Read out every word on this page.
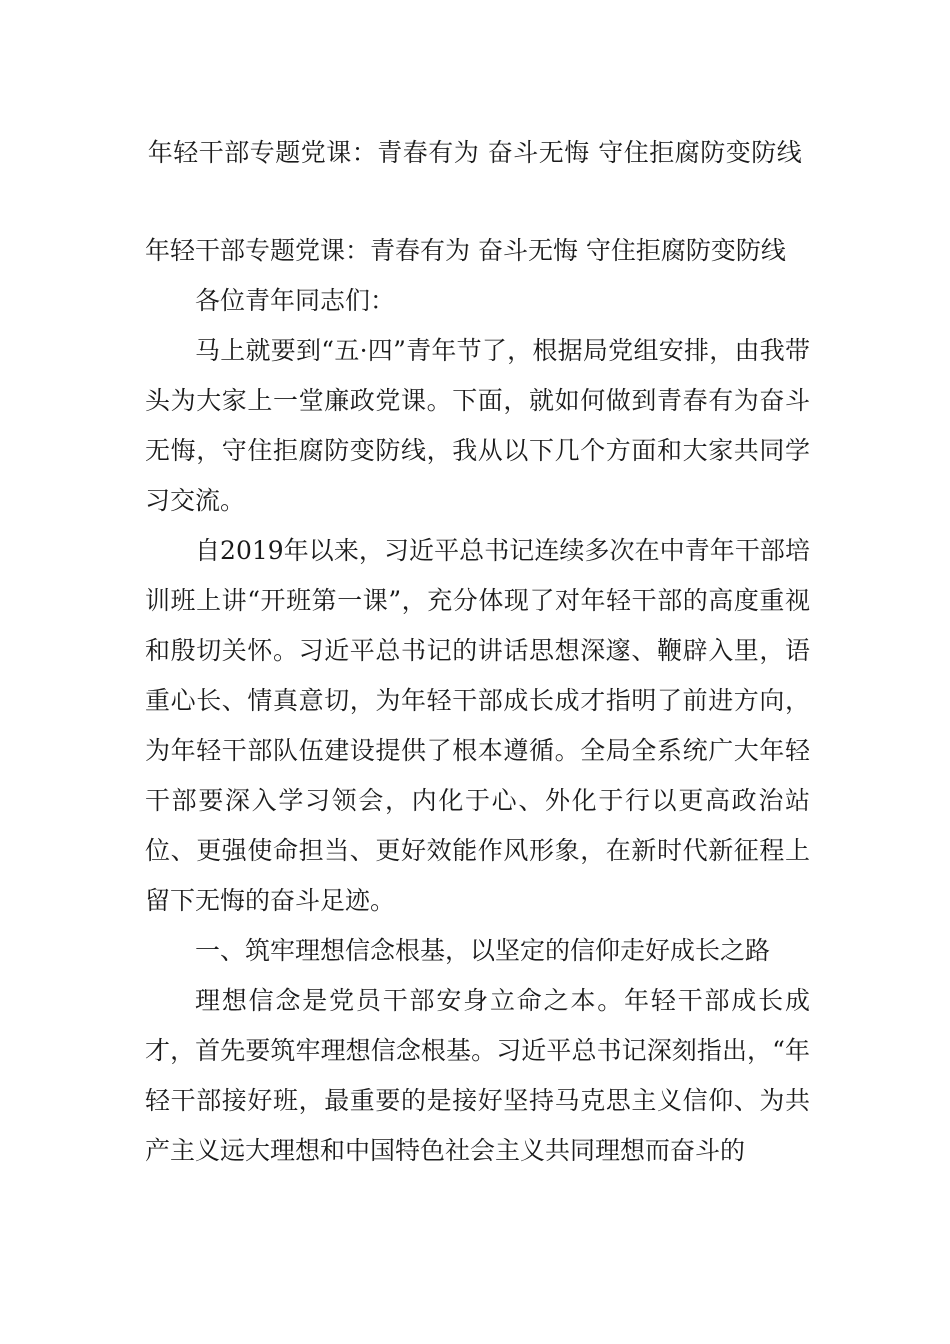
年轻干部专题党课：青春有为 奋斗无悔 守住拒腐防变防线

年轻干部专题党课：青春有为 奋斗无悔 守住拒腐防变防线

各位青年同志们：

马上就要到“五·四”青年节了，根据局党组安排，由我带头为大家上一堂廉政党课。下面，就如何做到青春有为奋斗无悔，守住拒腐防变防线，我从以下几个方面和大家共同学习交流。

自2019年以来，习近平总书记连续多次在中青年干部培训班上讲“开班第一课”，充分体现了对年轻干部的高度重视和殷切关怀。习近平总书记的讲话思想深邃、鞭辟入里，语重心长、情真意切，为年轻干部成长成才指明了前进方向，为年轻干部队伍建设提供了根本遵循。全局全系统广大年轻干部要深入学习领会，内化于心、外化于行以更高政治站位、更强使命担当、更好效能作风形象，在新时代新征程上留下无悔的奋斗足迹。

一、筑牢理想信念根基，以坚定的信仰走好成长之路

理想信念是党员干部安身立命之本。年轻干部成长成才，首先要筑牢理想信念根基。习近平总书记深刻指出，“年轻干部接好班，最重要的是接好坚持马克思主义信仰、为共产主义远大理想和中国特色社会主义共同理想而奋斗的
